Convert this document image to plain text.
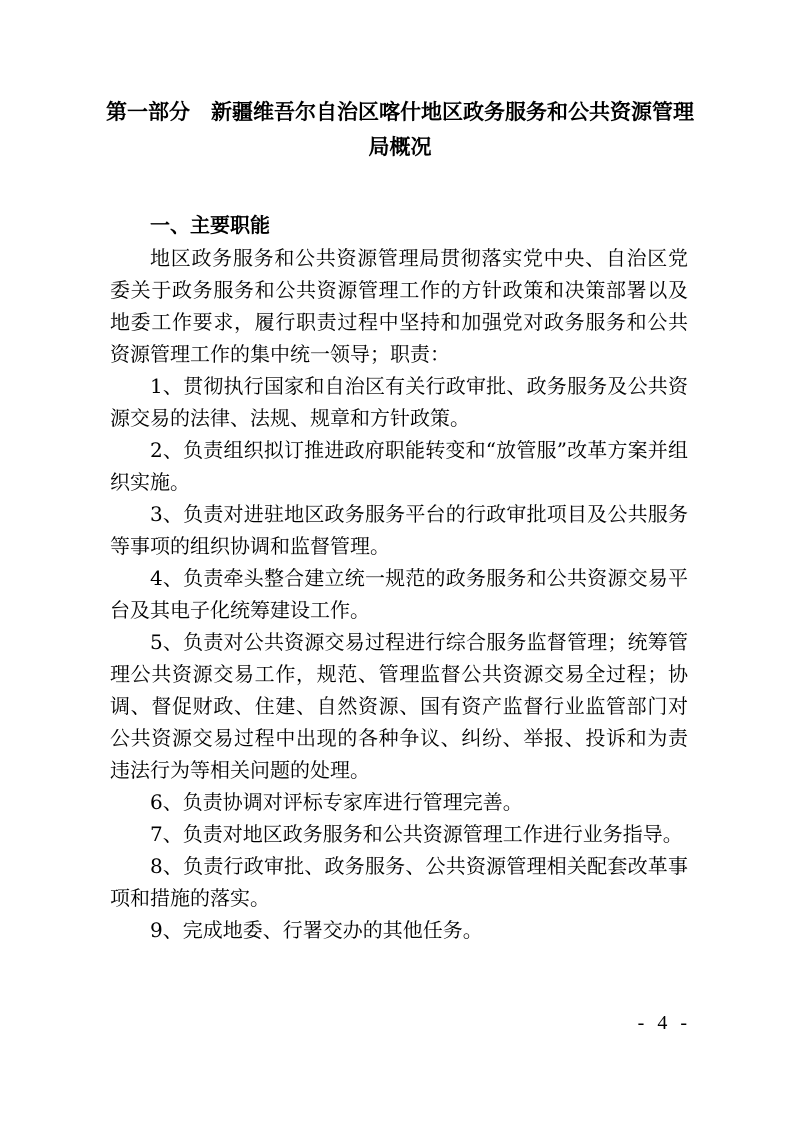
第一部分　新疆维吾尔自治区喀什地区政务服务和公共资源管理局概况
一、主要职能

地区政务服务和公共资源管理局贯彻落实党中央、自治区党委关于政务服务和公共资源管理工作的方针政策和决策部署以及地委工作要求，履行职责过程中坚持和加强党对政务服务和公共资源管理工作的集中统一领导；职责：

1、贯彻执行国家和自治区有关行政审批、政务服务及公共资源交易的法律、法规、规章和方针政策。

2、负责组织拟订推进政府职能转变和“放管服”改革方案并组织实施。

3、负责对进驻地区政务服务平台的行政审批项目及公共服务等事项的组织协调和监督管理。

4、负责牵头整合建立统一规范的政务服务和公共资源交易平台及其电子化统筹建设工作。

5、负责对公共资源交易过程进行综合服务监督管理；统筹管理公共资源交易工作，规范、管理监督公共资源交易全过程；协调、督促财政、住建、自然资源、国有资产监督行业监管部门对公共资源交易过程中出现的各种争议、纠纷、举报、投诉和为责违法行为等相关问题的处理。

6、负责协调对评标专家库进行管理完善。

7、负责对地区政务服务和公共资源管理工作进行业务指导。

8、负责行政审批、政务服务、公共资源管理相关配套改革事项和措施的落实。

9、完成地委、行署交办的其他任务。

- 4 -
